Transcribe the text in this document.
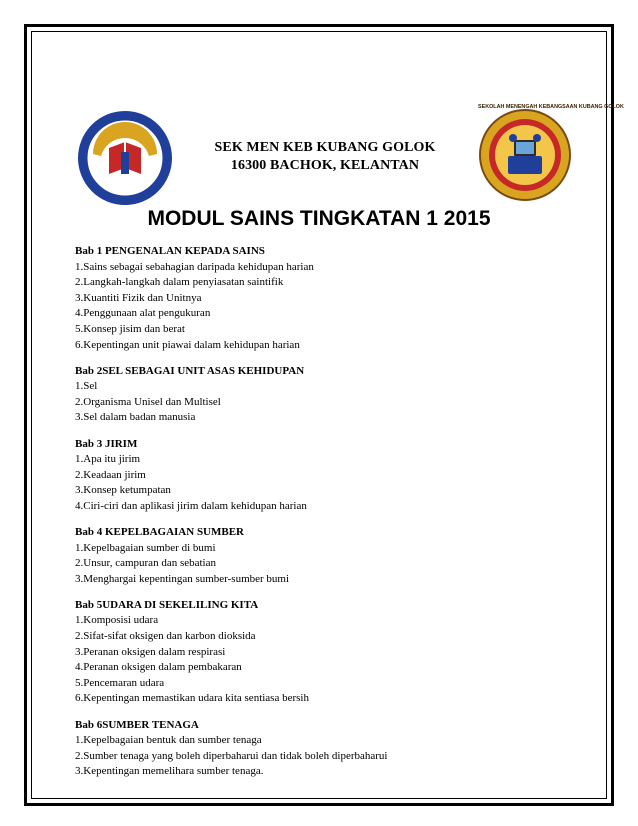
KEMENTERIAN PELAJARAN MALAYSIA
SEK MEN KEB KUBANG GOLOK
16300 BACHOK, KELANTAN
SEKOLAH MENENGAH KEBANGSAAN KUBANG GOLOK
MODUL SAINS TINGKATAN 1 2015
Bab 1 PENGENALAN KEPADA SAINS
1.Sains sebagai sebahagian daripada kehidupan harian
2.Langkah-langkah dalam penyiasatan saintifik
3.Kuantiti Fizik dan Unitnya
4.Penggunaan alat pengukuran
5.Konsep jisim dan berat
6.Kepentingan unit piawai dalam kehidupan harian
Bab 2SEL SEBAGAI UNIT ASAS KEHIDUPAN
1.Sel
2.Organisma Unisel dan Multisel
3.Sel dalam badan manusia
Bab 3 JIRIM
1.Apa itu jirim
2.Keadaan jirim
3.Konsep ketumpatan
4.Ciri-ciri dan aplikasi jirim dalam kehidupan harian
Bab 4 KEPELBAGAIAN SUMBER
1.Kepelbagaian sumber di bumi
2.Unsur, campuran dan sebatian
3.Menghargai kepentingan sumber-sumber bumi
Bab 5UDARA DI SEKELILING KITA
1.Komposisi udara
2.Sifat-sifat oksigen dan karbon dioksida
3.Peranan oksigen dalam respirasi
4.Peranan oksigen dalam pembakaran
5.Pencemaran udara
6.Kepentingan memastikan udara kita sentiasa bersih
Bab 6SUMBER TENAGA
1.Kepelbagaian bentuk dan sumber tenaga
2.Sumber tenaga yang boleh diperbaharui dan tidak boleh diperbaharui
3.Kepentingan memelihara sumber tenaga.
